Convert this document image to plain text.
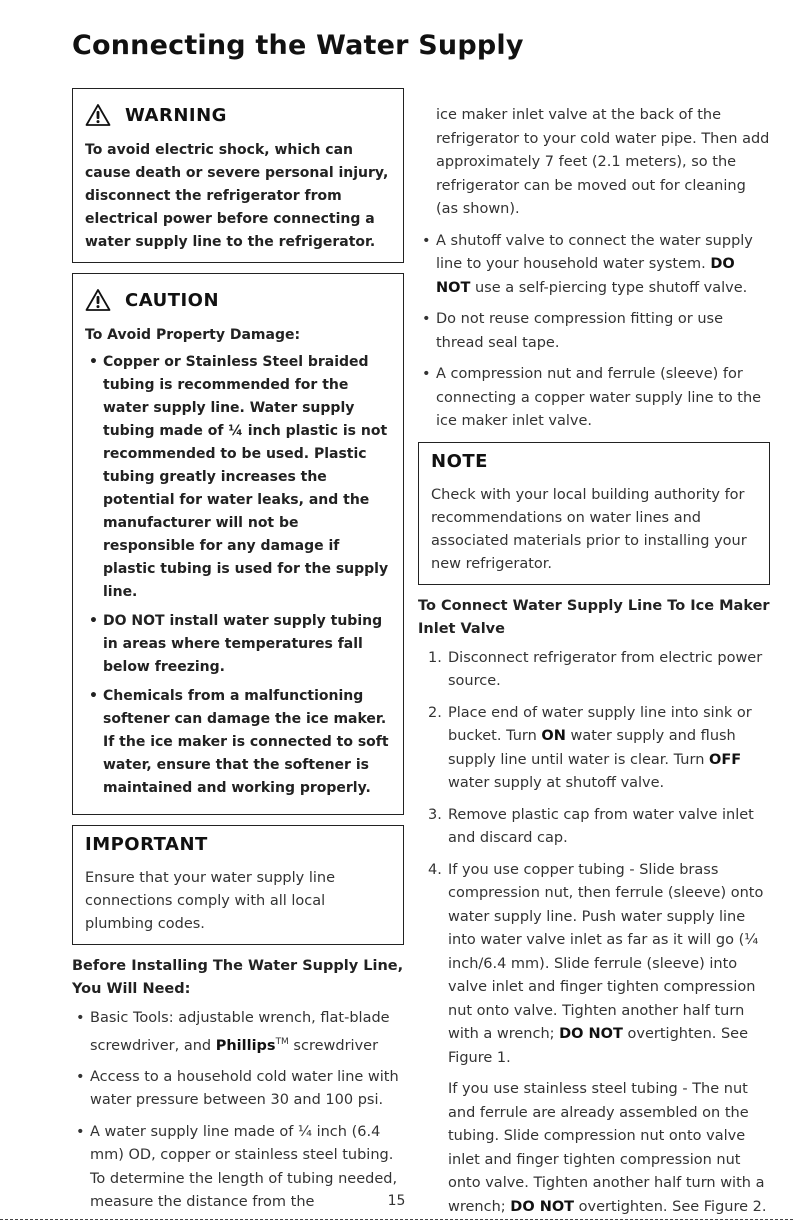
Connecting the Water Supply
WARNING
To avoid electric shock, which can cause death or severe personal injury, disconnect the refrigerator from electrical power before connecting a water supply line to the refrigerator.
CAUTION
To Avoid Property Damage:
• Copper or Stainless Steel braided tubing is recommended for the water supply line. Water supply tubing made of ¼ inch plastic is not recommended to be used. Plastic tubing greatly increases the potential for water leaks, and the manufacturer will not be responsible for any damage if plastic tubing is used for the supply line.
• DO NOT install water supply tubing in areas where temperatures fall below freezing.
• Chemicals from a malfunctioning softener can damage the ice maker. If the ice maker is connected to soft water, ensure that the softener is maintained and working properly.
IMPORTANT
Ensure that your water supply line connections comply with all local plumbing codes.
Before Installing The Water Supply Line, You Will Need:
• Basic Tools: adjustable wrench, flat-blade screwdriver, and Phillips™ screwdriver
• Access to a household cold water line with water pressure between 30 and 100 psi.
• A water supply line made of ¼ inch (6.4 mm) OD, copper or stainless steel tubing. To determine the length of tubing needed, measure the distance from the
ice maker inlet valve at the back of the refrigerator to your cold water pipe. Then add approximately 7 feet (2.1 meters), so the refrigerator can be moved out for cleaning (as shown).
• A shutoff valve to connect the water supply line to your household water system. DO NOT use a self-piercing type shutoff valve.
• Do not reuse compression fitting or use thread seal tape.
• A compression nut and ferrule (sleeve) for connecting a copper water supply line to the ice maker inlet valve.
NOTE
Check with your local building authority for recommendations on water lines and associated materials prior to installing your new refrigerator.
To Connect Water Supply Line To Ice Maker Inlet Valve
1. Disconnect refrigerator from electric power source.
2. Place end of water supply line into sink or bucket. Turn ON water supply and flush supply line until water is clear. Turn OFF water supply at shutoff valve.
3. Remove plastic cap from water valve inlet and discard cap.
4. If you use copper tubing - Slide brass compression nut, then ferrule (sleeve) onto water supply line. Push water supply line into water valve inlet as far as it will go (¼ inch/6.4 mm). Slide ferrule (sleeve) into valve inlet and finger tighten compression nut onto valve. Tighten another half turn with a wrench; DO NOT overtighten. See Figure 1.
If you use stainless steel tubing - The nut and ferrule are already assembled on the tubing. Slide compression nut onto valve inlet and finger tighten compression nut onto valve. Tighten another half turn with a wrench; DO NOT overtighten. See Figure 2.
15
